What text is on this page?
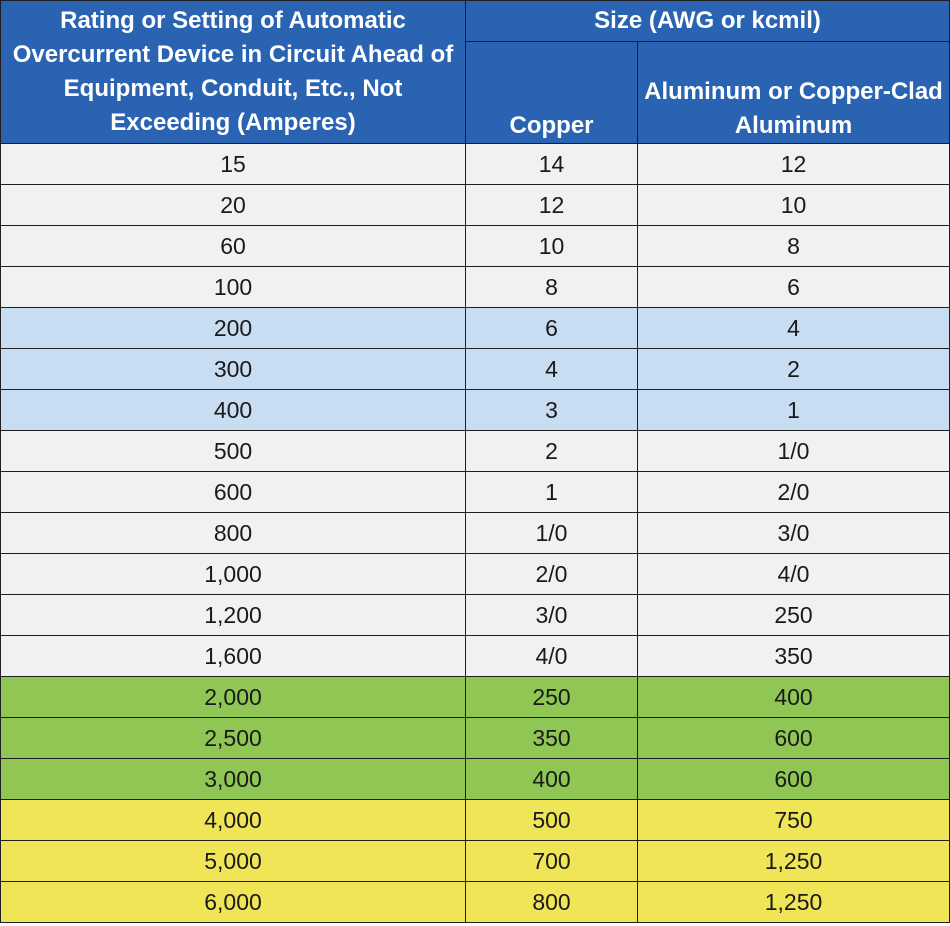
Rating or Setting of Automatic Overcurrent Device in Circuit Ahead of Equipment, Conduit, Etc., Not Exceeding (Amperes)	Size (AWG or kcmil)	
	Copper	Aluminum or Copper-Clad Aluminum
15	14	12
20	12	10
60	10	8
100	8	6
200	6	4
300	4	2
400	3	1
500	2	1/0
600	1	2/0
800	1/0	3/0
1,000	2/0	4/0
1,200	3/0	250
1,600	4/0	350
2,000	250	400
2,500	350	600
3,000	400	600
4,000	500	750
5,000	700	1,250
6,000	800	1,250
